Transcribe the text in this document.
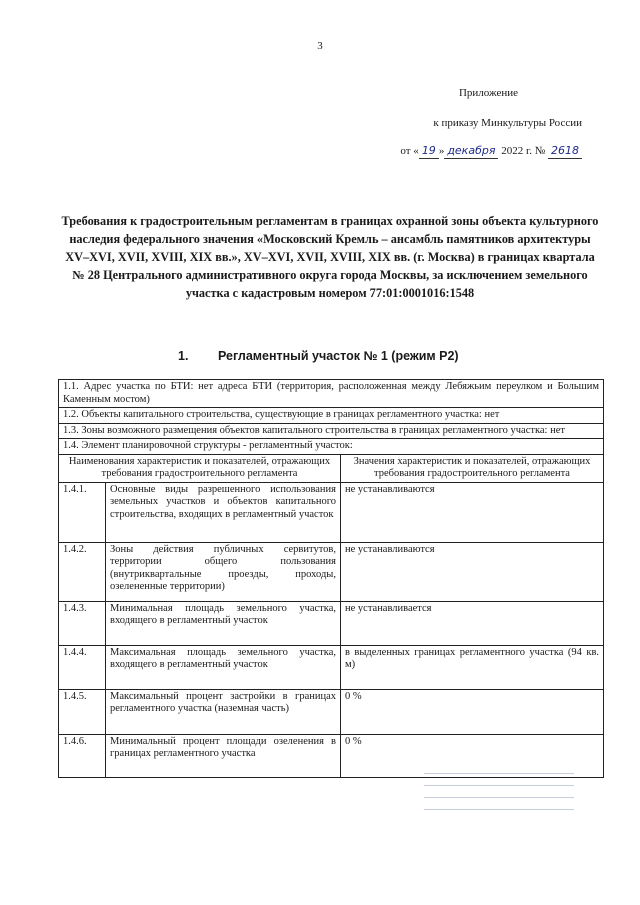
3
Приложение
к приказу Минкультуры России
от « 19 » декабря 2022 г. № 2618
Требования к градостроительным регламентам в границах охранной зоны объекта культурного наследия федерального значения «Московский Кремль – ансамбль памятников архитектуры XV–XVI, XVII, XVIII, XIX вв.», XV–XVI, XVII, XVIII, XIX вв. (г. Москва) в границах квартала № 28 Центрального административного округа города Москвы, за исключением земельного участка с кадастровым номером 77:01:0001016:1548
1. Регламентный участок № 1 (режим Р2)
1.1. Адрес участка по БТИ: нет адреса БТИ (территория, расположенная между Лебяжьим переулком и Большим Каменным мостом)		
1.2. Объекты капитального строительства, существующие в границах регламентного участка: нет		
1.3. Зоны возможного размещения объектов капитального строительства в границах регламентного участка: нет		
1.4. Элемент планировочной структуры - регламентный участок:		
Наименования характеристик и показателей, отражающих требования градостроительного регламента		Значения характеристик и показателей, отражающих требования градостроительного регламента
1.4.1.	Основные виды разрешенного использования земельных участков и объектов капитального строительства, входящих в регламентный участок	не устанавливаются
1.4.2.	Зоны действия публичных сервитутов, территории общего пользования (внутриквартальные проезды, проходы, озелененные территории)	не устанавливаются
1.4.3.	Минимальная площадь земельного участка, входящего в регламентный участок	не устанавливается
1.4.4.	Максимальная площадь земельного участка, входящего в регламентный участок	в выделенных границах регламентного участка (94 кв. м)
1.4.5.	Максимальный процент застройки в границах регламентного участка (наземная часть)	0 %
1.4.6.	Минимальный процент площади озеленения в границах регламентного участка	0 %
